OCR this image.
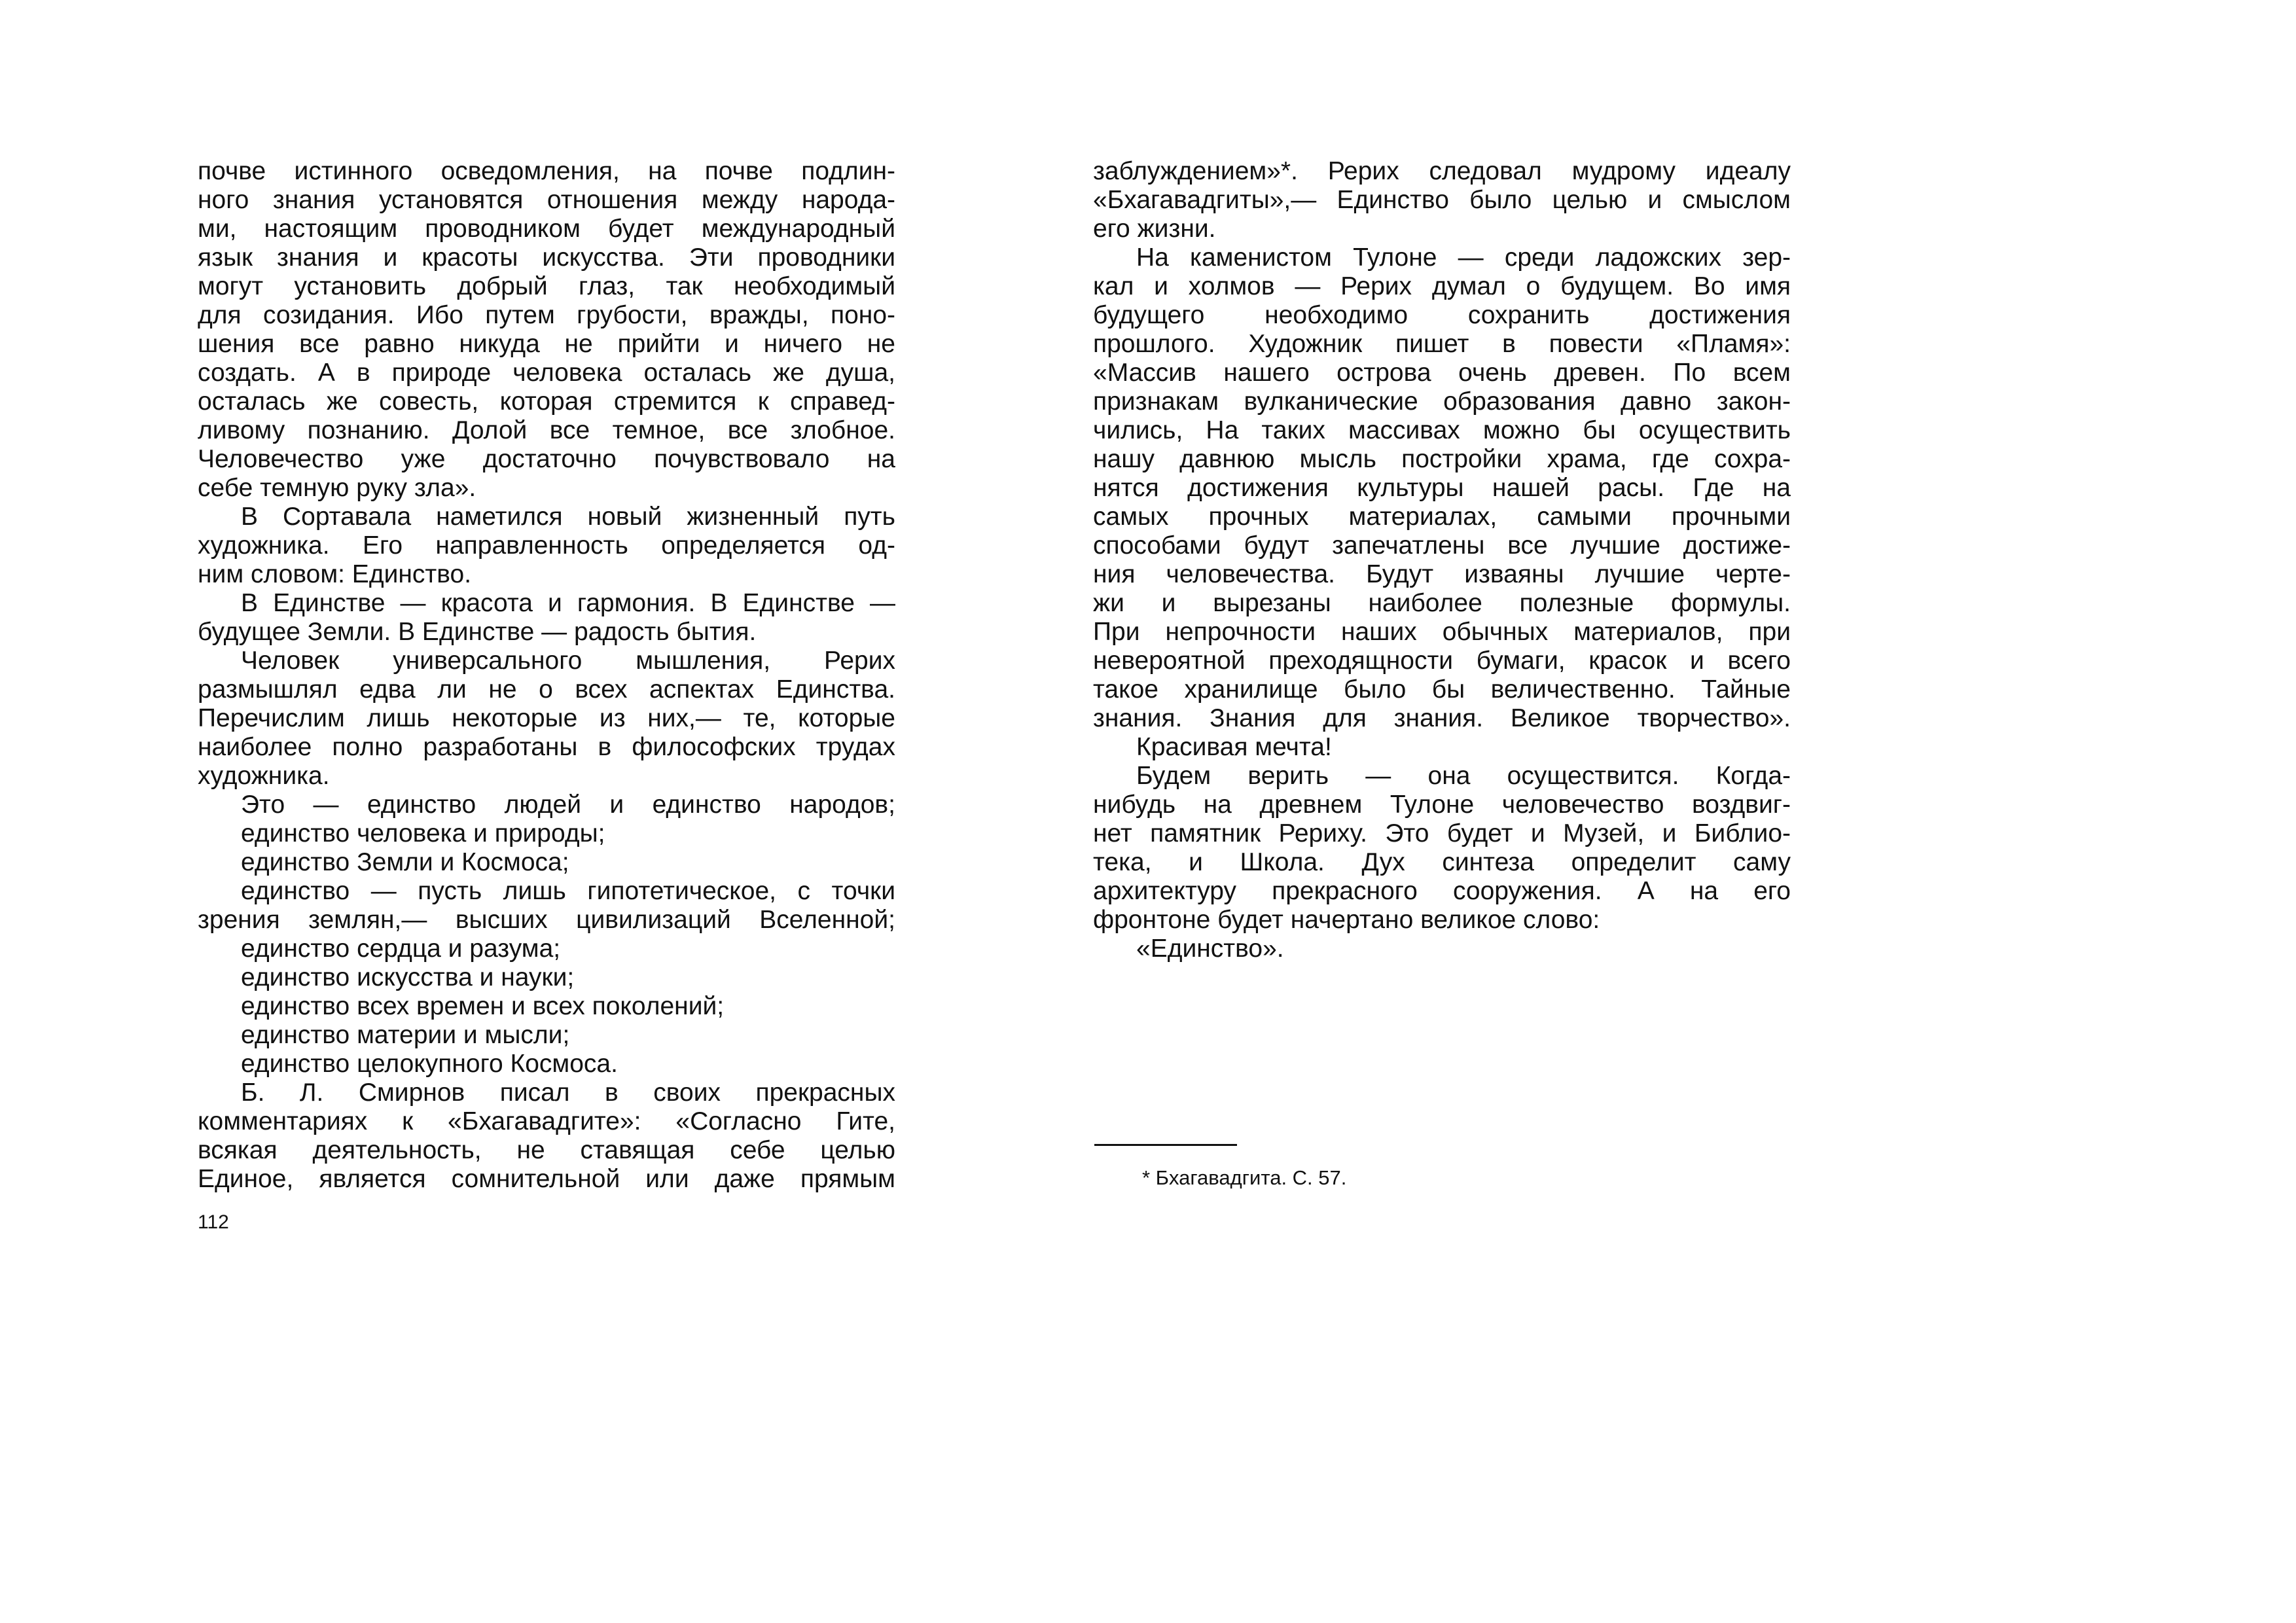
почве истинного осведомления, на почве подлин-
ного знания установятся отношения между народа-
ми, настоящим проводником будет международный
язык знания и красоты искусства. Эти проводники
могут установить добрый глаз, так необходимый
для созидания. Ибо путем грубости, вражды, поно-
шения все равно никуда не прийти и ничего не
создать. А в природе человека осталась же душа,
осталась же совесть, которая стремится к справед-
ливому познанию. Долой все темное, все злобное.
Человечество уже достаточно почувствовало на
себе темную руку зла».
В Сортавала наметился новый жизненный путь
художника. Его направленность определяется од-
ним словом: Единство.
В Единстве — красота и гармония. В Единстве —
будущее Земли. В Единстве — радость бытия.
Человек универсального мышления, Рерих
размышлял едва ли не о всех аспектах Единства.
Перечислим лишь некоторые из них,— те, которые
наиболее полно разработаны в философских трудах
художника.
Это — единство людей и единство народов;
единство человека и природы;
единство Земли и Космоса;
единство — пусть лишь гипотетическое, с точки
зрения землян,— высших цивилизаций Вселенной;
единство сердца и разума;
единство искусства и науки;
единство всех времен и всех поколений;
единство материи и мысли;
единство целокупного Космоса.
Б. Л. Смирнов писал в своих прекрасных
комментариях к «Бхагавадгите»: «Согласно Гите,
всякая деятельность, не ставящая себе целью
Единое, является сомнительной или даже прямым
112
заблуждением»*. Рерих следовал мудрому идеалу
«Бхагавадгиты»,— Единство было целью и смыслом
его жизни.
На каменистом Тулоне — среди ладожских зер-
кал и холмов — Рерих думал о будущем. Во имя
будущего необходимо сохранить достижения
прошлого. Художник пишет в повести «Пламя»:
«Массив нашего острова очень древен. По всем
признакам вулканические образования давно закон-
чились, На таких массивах можно бы осуществить
нашу давнюю мысль постройки храма, где сохра-
нятся достижения культуры нашей расы. Где на
самых прочных материалах, самыми прочными
способами будут запечатлены все лучшие достиже-
ния человечества. Будут изваяны лучшие черте-
жи и вырезаны наиболее полезные формулы.
При непрочности наших обычных материалов, при
невероятной преходящности бумаги, красок и всего
такое хранилище было бы величественно. Тайные
знания. Знания для знания. Великое творчество».
Красивая мечта!
Будем верить — она осуществится. Когда-
нибудь на древнем Тулоне человечество воздвиг-
нет памятник Рериху. Это будет и Музей, и Библио-
тека, и Школа. Дух синтеза определит саму
архитектуру прекрасного сооружения. А на его
фронтоне будет начертано великое слово:
«Единство».
* Бхагавадгита. С. 57.
